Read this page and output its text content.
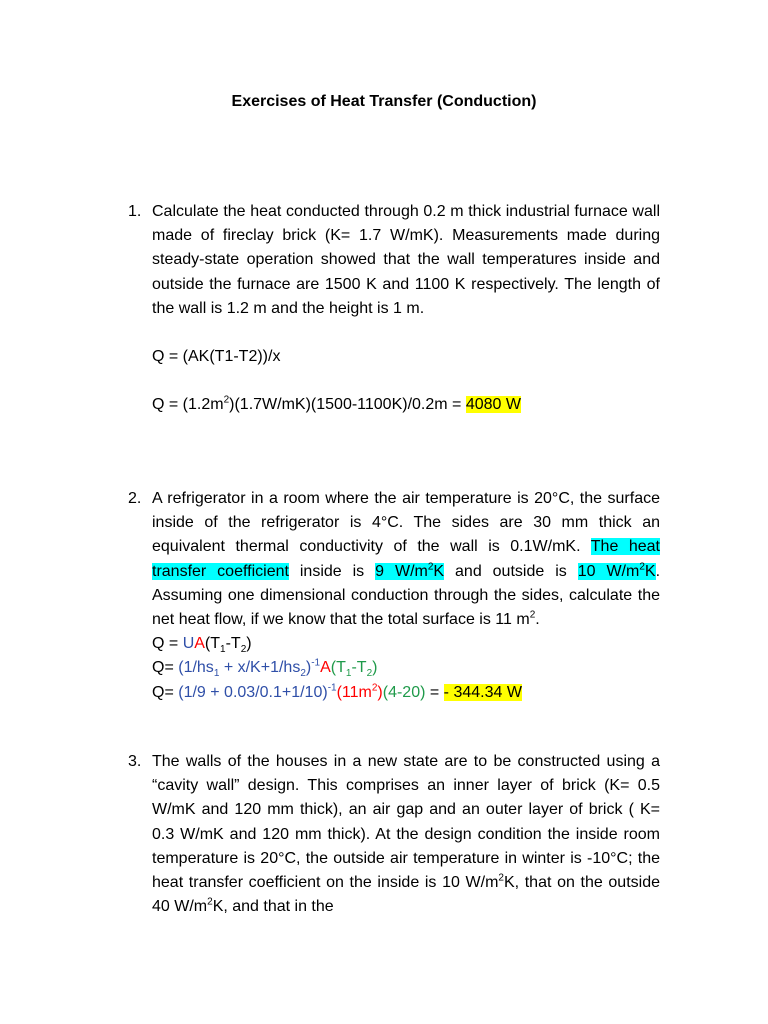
Exercises of Heat Transfer (Conduction)
1. Calculate the heat conducted through 0.2 m thick industrial furnace wall made of fireclay brick (K= 1.7 W/mK). Measurements made during steady-state operation showed that the wall temperatures inside and outside the furnace are 1500 K and 1100 K respectively. The length of the wall is 1.2 m and the height is 1 m.
Q = (AK(T1-T2))/x
$Q = (1.2m^2)(1.7W/mK)(1500-1100K)/0.2m = 4080$ W
2. A refrigerator in a room where the air temperature is 20°C, the surface inside of the refrigerator is 4°C. The sides are 30 mm thick an equivalent thermal conductivity of the wall is 0.1W/mK. The heat transfer coefficient inside is 9 $W/m^2K$ and outside is 10 $W/m^2K$. Assuming one dimensional conduction through the sides, calculate the net heat flow, if we know that the total surface is 11 $m^2$.
$Q = UA(T_1-T_2)$
$Q= (1/hs_1 + x/K+1/hs_2)^{-1}A(T_1-T_2)$
$Q= (1/9 + 0.03/0.1+1/10)^{-1}(11m^2)(4-20)$ = - 344.34 W
3. The walls of the houses in a new state are to be constructed using a “cavity wall” design. This comprises an inner layer of brick (K= 0.5 W/mK and 120 mm thick), an air gap and an outer layer of brick ( K= 0.3 W/mK and 120 mm thick). At the design condition the inside room temperature is 20°C, the outside air temperature in winter is -10°C; the heat transfer coefficient on the inside is 10 $W/m^2K$, that on the outside 40 $W/m^2K$, and that in the
